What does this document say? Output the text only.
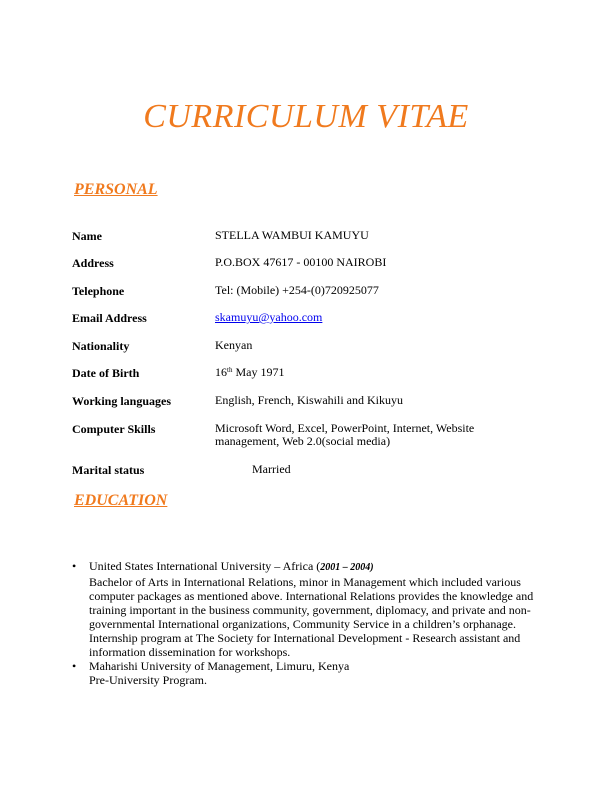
CURRICULUM VITAE
PERSONAL
Name	STELLA WAMBUI KAMUYU
Address	P.O.BOX 47617 - 00100 NAIROBI
Telephone	Tel: (Mobile) +254-(0)720925077
Email Address	skamuyu@yahoo.com
Nationality	Kenyan
Date of Birth	16th May 1971
Working languages	English, French, Kiswahili and Kikuyu
Computer Skills	Microsoft Word, Excel, PowerPoint, Internet, Website management, Web 2.0(social media)
Marital status	Married
EDUCATION
• United States International University – Africa (2001 – 2004)
Bachelor of Arts in International Relations, minor in Management which included various computer packages as mentioned above. International Relations provides the knowledge and training important in the business community, government, diplomacy, and private and non-governmental International organizations, Community Service in a children’s orphanage. Internship program at The Society for International Development - Research assistant and information dissemination for workshops.
• Maharishi University of Management, Limuru, Kenya
Pre-University Program.
